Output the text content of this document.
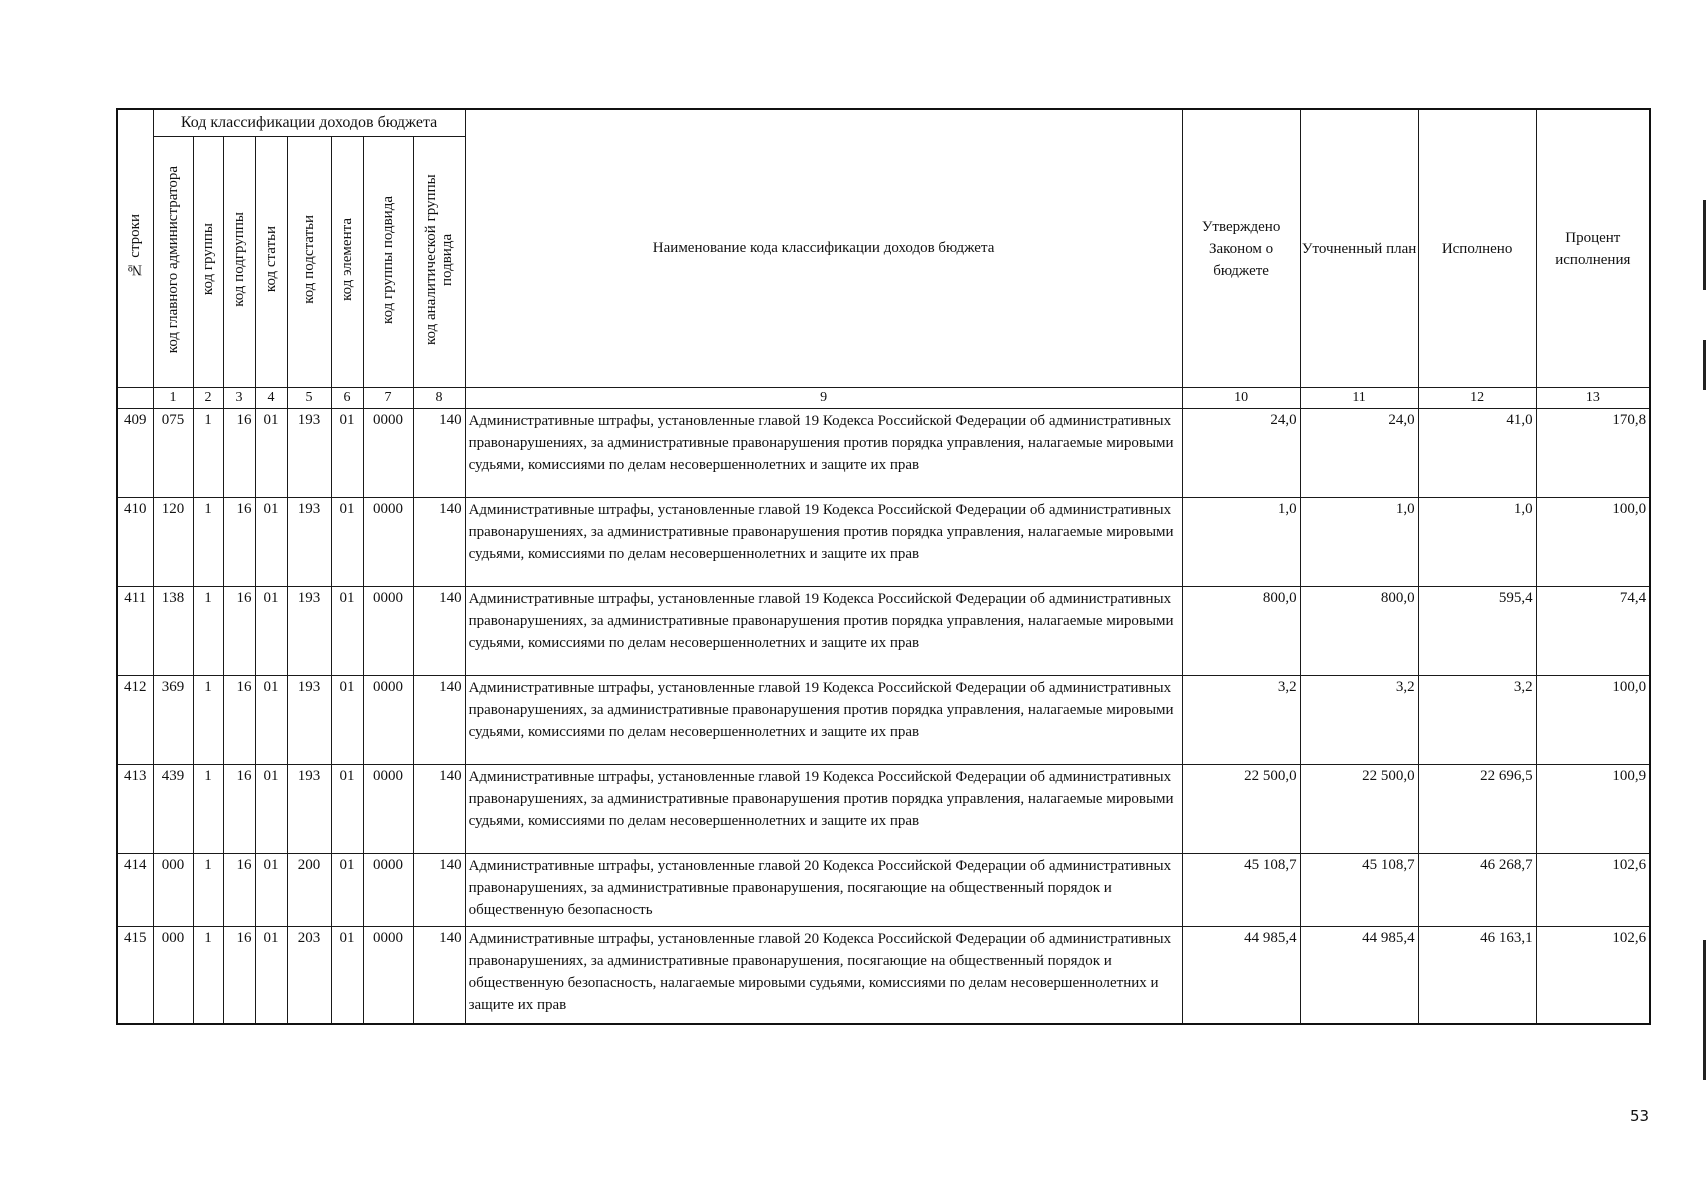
№ строки	Код классификации доходов бюджета								Наименование кода классификации доходов бюджета	Утверждено Законом о бюджете	Уточненный план	Исполнено	Процент исполнения
	код главного администратора	код группы	код подгруппы	код статьи	код подстатьи	код элемента	код группы подвида	код аналитической группы подвида					
	1	2	3	4	5	6	7	8	9	10	11	12	13
409	075	1	16	01	193	01	0000	140	Административные штрафы, установленные главой 19 Кодекса Российской Федерации об административных правонарушениях, за административные правонарушения против порядка управления, налагаемые мировыми судьями, комиссиями по делам несовершеннолетних и защите их прав	24,0	24,0	41,0	170,8
410	120	1	16	01	193	01	0000	140	Административные штрафы, установленные главой 19 Кодекса Российской Федерации об административных правонарушениях, за административные правонарушения против порядка управления, налагаемые мировыми судьями, комиссиями по делам несовершеннолетних и защите их прав	1,0	1,0	1,0	100,0
411	138	1	16	01	193	01	0000	140	Административные штрафы, установленные главой 19 Кодекса Российской Федерации об административных правонарушениях, за административные правонарушения против порядка управления, налагаемые мировыми судьями, комиссиями по делам несовершеннолетних и защите их прав	800,0	800,0	595,4	74,4
412	369	1	16	01	193	01	0000	140	Административные штрафы, установленные главой 19 Кодекса Российской Федерации об административных правонарушениях, за административные правонарушения против порядка управления, налагаемые мировыми судьями, комиссиями по делам несовершеннолетних и защите их прав	3,2	3,2	3,2	100,0
413	439	1	16	01	193	01	0000	140	Административные штрафы, установленные главой 19 Кодекса Российской Федерации об административных правонарушениях, за административные правонарушения против порядка управления, налагаемые мировыми судьями, комиссиями по делам несовершеннолетних и защите их прав	22 500,0	22 500,0	22 696,5	100,9
414	000	1	16	01	200	01	0000	140	Административные штрафы, установленные главой 20 Кодекса Российской Федерации об административных правонарушениях, за административные правонарушения, посягающие на общественный порядок и общественную безопасность	45 108,7	45 108,7	46 268,7	102,6
415	000	1	16	01	203	01	0000	140	Административные штрафы, установленные главой 20 Кодекса Российской Федерации об административных правонарушениях, за административные правонарушения, посягающие на общественный порядок и общественную безопасность, налагаемые мировыми судьями, комиссиями по делам несовершеннолетних и защите их прав	44 985,4	44 985,4	46 163,1	102,6
53
